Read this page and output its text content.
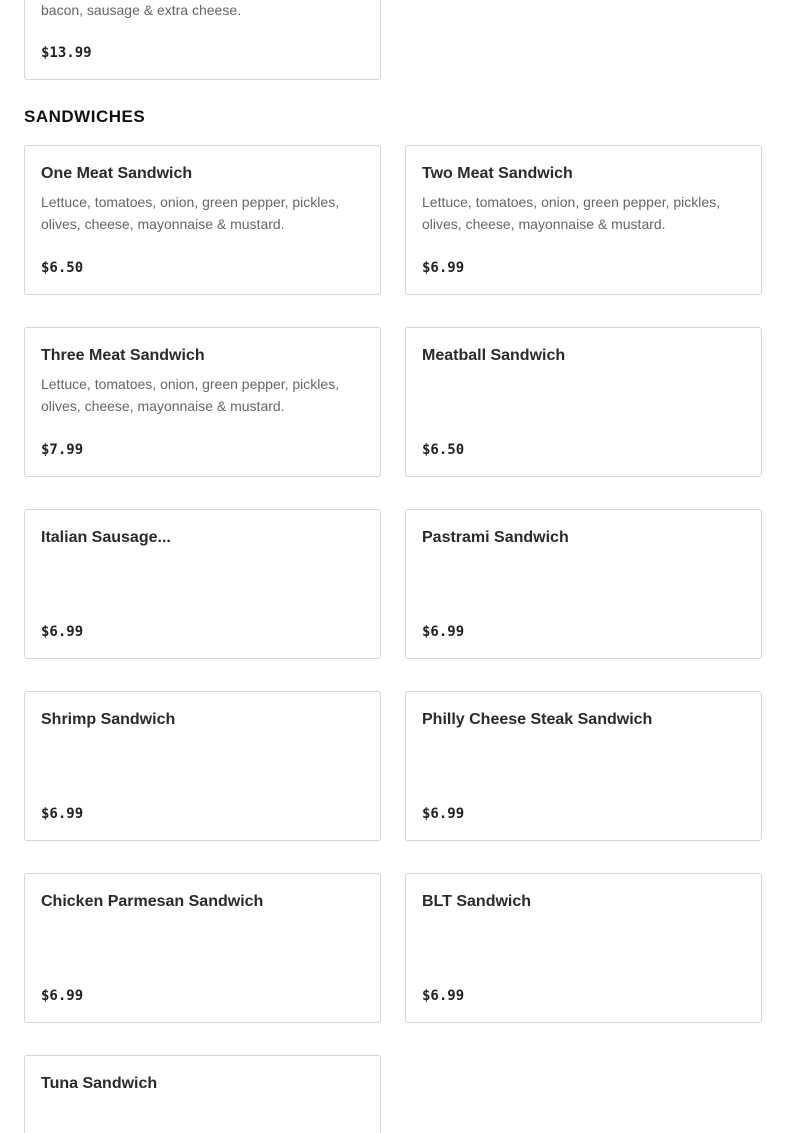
bacon, sausage & extra cheese.
$13.99
SANDWICHES
One Meat Sandwich
Lettuce, tomatoes, onion, green pepper, pickles, olives, cheese, mayonnaise & mustard.
$6.50
Two Meat Sandwich
Lettuce, tomatoes, onion, green pepper, pickles, olives, cheese, mayonnaise & mustard.
$6.99
Three Meat Sandwich
Lettuce, tomatoes, onion, green pepper, pickles, olives, cheese, mayonnaise & mustard.
$7.99
Meatball Sandwich
$6.50
Italian Sausage...
$6.99
Pastrami Sandwich
$6.99
Shrimp Sandwich
$6.99
Philly Cheese Steak Sandwich
$6.99
Chicken Parmesan Sandwich
$6.99
BLT Sandwich
$6.99
Tuna Sandwich
